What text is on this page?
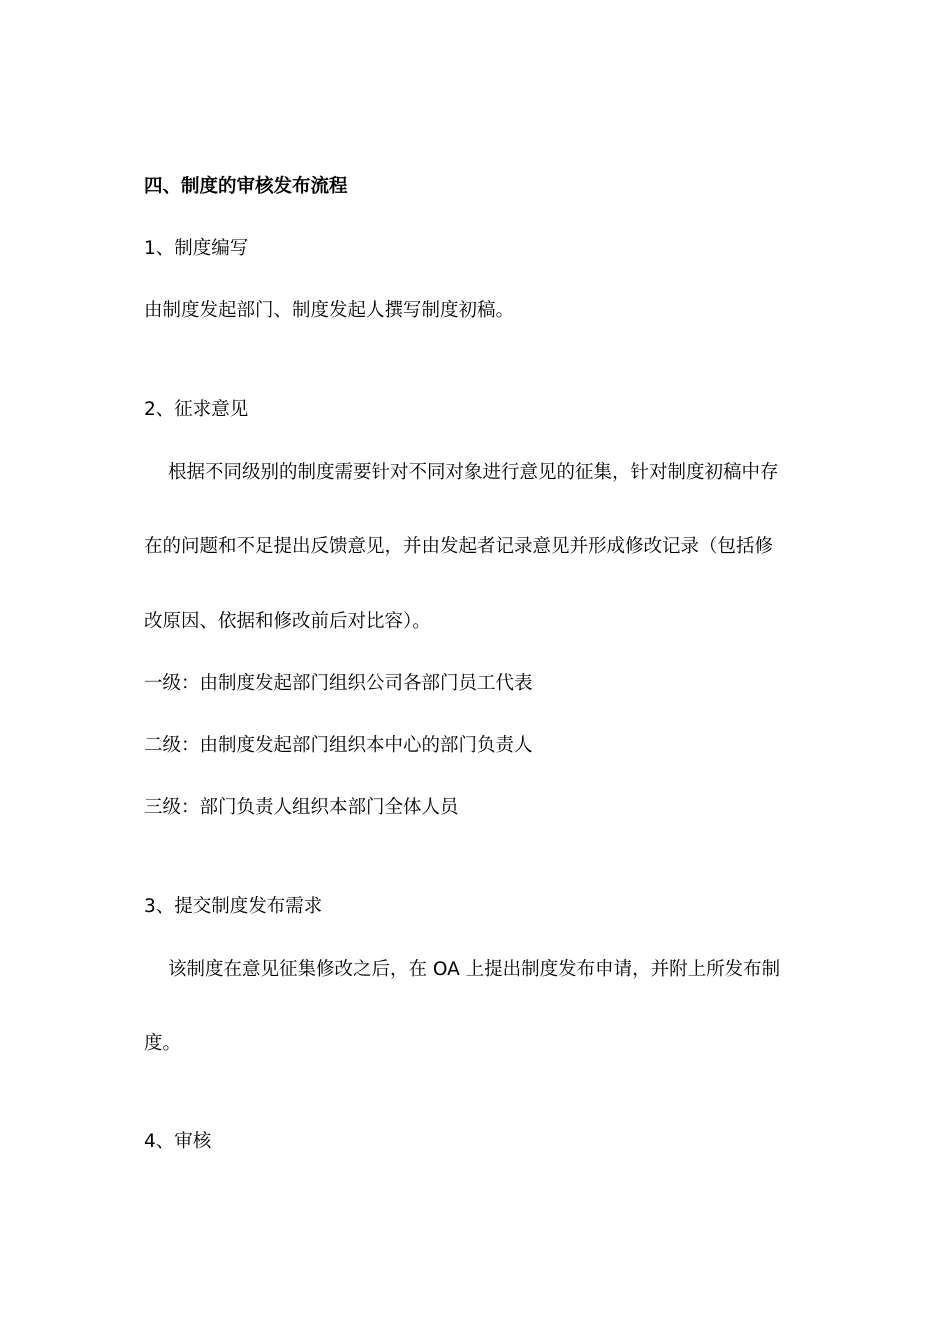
四、制度的审核发布流程
1、制度编写
由制度发起部门、制度发起人撰写制度初稿。
2、征求意见
根据不同级别的制度需要针对不同对象进行意见的征集，针对制度初稿中存
在的问题和不足提出反馈意见，并由发起者记录意见并形成修改记录（包括修
改原因、依据和修改前后对比容）。
一级：由制度发起部门组织公司各部门员工代表
二级：由制度发起部门组织本中心的部门负责人
三级：部门负责人组织本部门全体人员
3、提交制度发布需求
该制度在意见征集修改之后，在 OA 上提出制度发布申请，并附上所发布制
度。
4、审核
